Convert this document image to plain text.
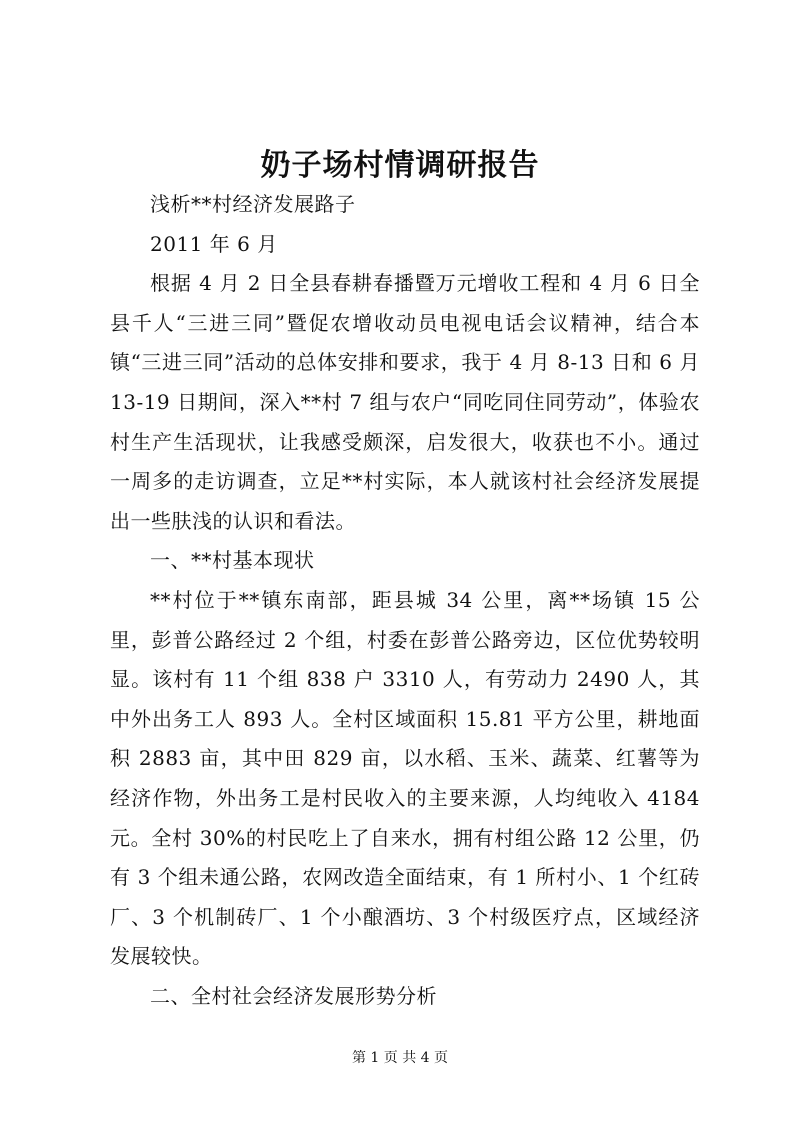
奶子场村情调研报告

浅析**村经济发展路子

2011 年 6 月

根据 4 月 2 日全县春耕春播暨万元增收工程和 4 月 6 日全县千人“三进三同”暨促农增收动员电视电话会议精神，结合本镇“三进三同”活动的总体安排和要求，我于 4 月 8-13 日和 6 月 13-19 日期间，深入**村 7 组与农户“同吃同住同劳动”，体验农村生产生活现状，让我感受颇深，启发很大，收获也不小。通过一周多的走访调查，立足**村实际，本人就该村社会经济发展提出一些肤浅的认识和看法。

一、**村基本现状

**村位于**镇东南部，距县城 34 公里，离**场镇 15 公里，彭普公路经过 2 个组，村委在彭普公路旁边，区位优势较明显。该村有 11 个组 838 户 3310 人，有劳动力 2490 人，其中外出务工人 893 人。全村区域面积 15.81 平方公里，耕地面积 2883 亩，其中田 829 亩，以水稻、玉米、蔬菜、红薯等为经济作物，外出务工是村民收入的主要来源，人均纯收入 4184 元。全村 30%的村民吃上了自来水，拥有村组公路 12 公里，仍有 3 个组未通公路，农网改造全面结束，有 1 所村小、1 个红砖厂、3 个机制砖厂、1 个小酿酒坊、3 个村级医疗点，区域经济发展较快。

二、全村社会经济发展形势分析

第 1 页 共 4 页
